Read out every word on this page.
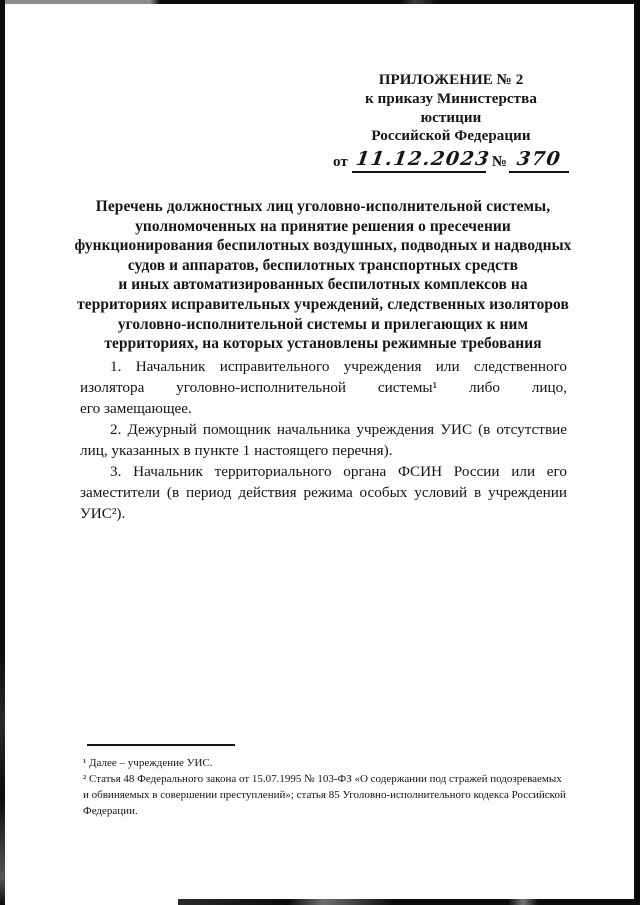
ПРИЛОЖЕНИЕ № 2
к приказу Министерства юстиции
Российской Федерации
от 11.12.2023 № 370
Перечень должностных лиц уголовно-исполнительной системы,
уполномоченных на принятие решения о пресечении
функционирования беспилотных воздушных, подводных и надводных
судов и аппаратов, беспилотных транспортных средств
и иных автоматизированных беспилотных комплексов на
территориях исправительных учреждений, следственных изоляторов
уголовно-исполнительной системы и прилегающих к ним
территориях, на которых установлены режимные требования
1. Начальник исправительного учреждения или следственного
изолятора уголовно-исполнительной системы¹ либо лицо,
его замещающее.
2. Дежурный помощник начальника учреждения УИС (в отсутствие
лиц, указанных в пункте 1 настоящего перечня).
3. Начальник территориального органа ФСИН России или его
заместители (в период действия режима особых условий в учреждении
УИС²).
¹ Далее – учреждение УИС.
² Статья 48 Федерального закона от 15.07.1995 № 103-ФЗ «О содержании под стражей подозреваемых
и обвиняемых в совершении преступлений»; статья 85 Уголовно-исполнительного кодекса Российской
Федерации.
